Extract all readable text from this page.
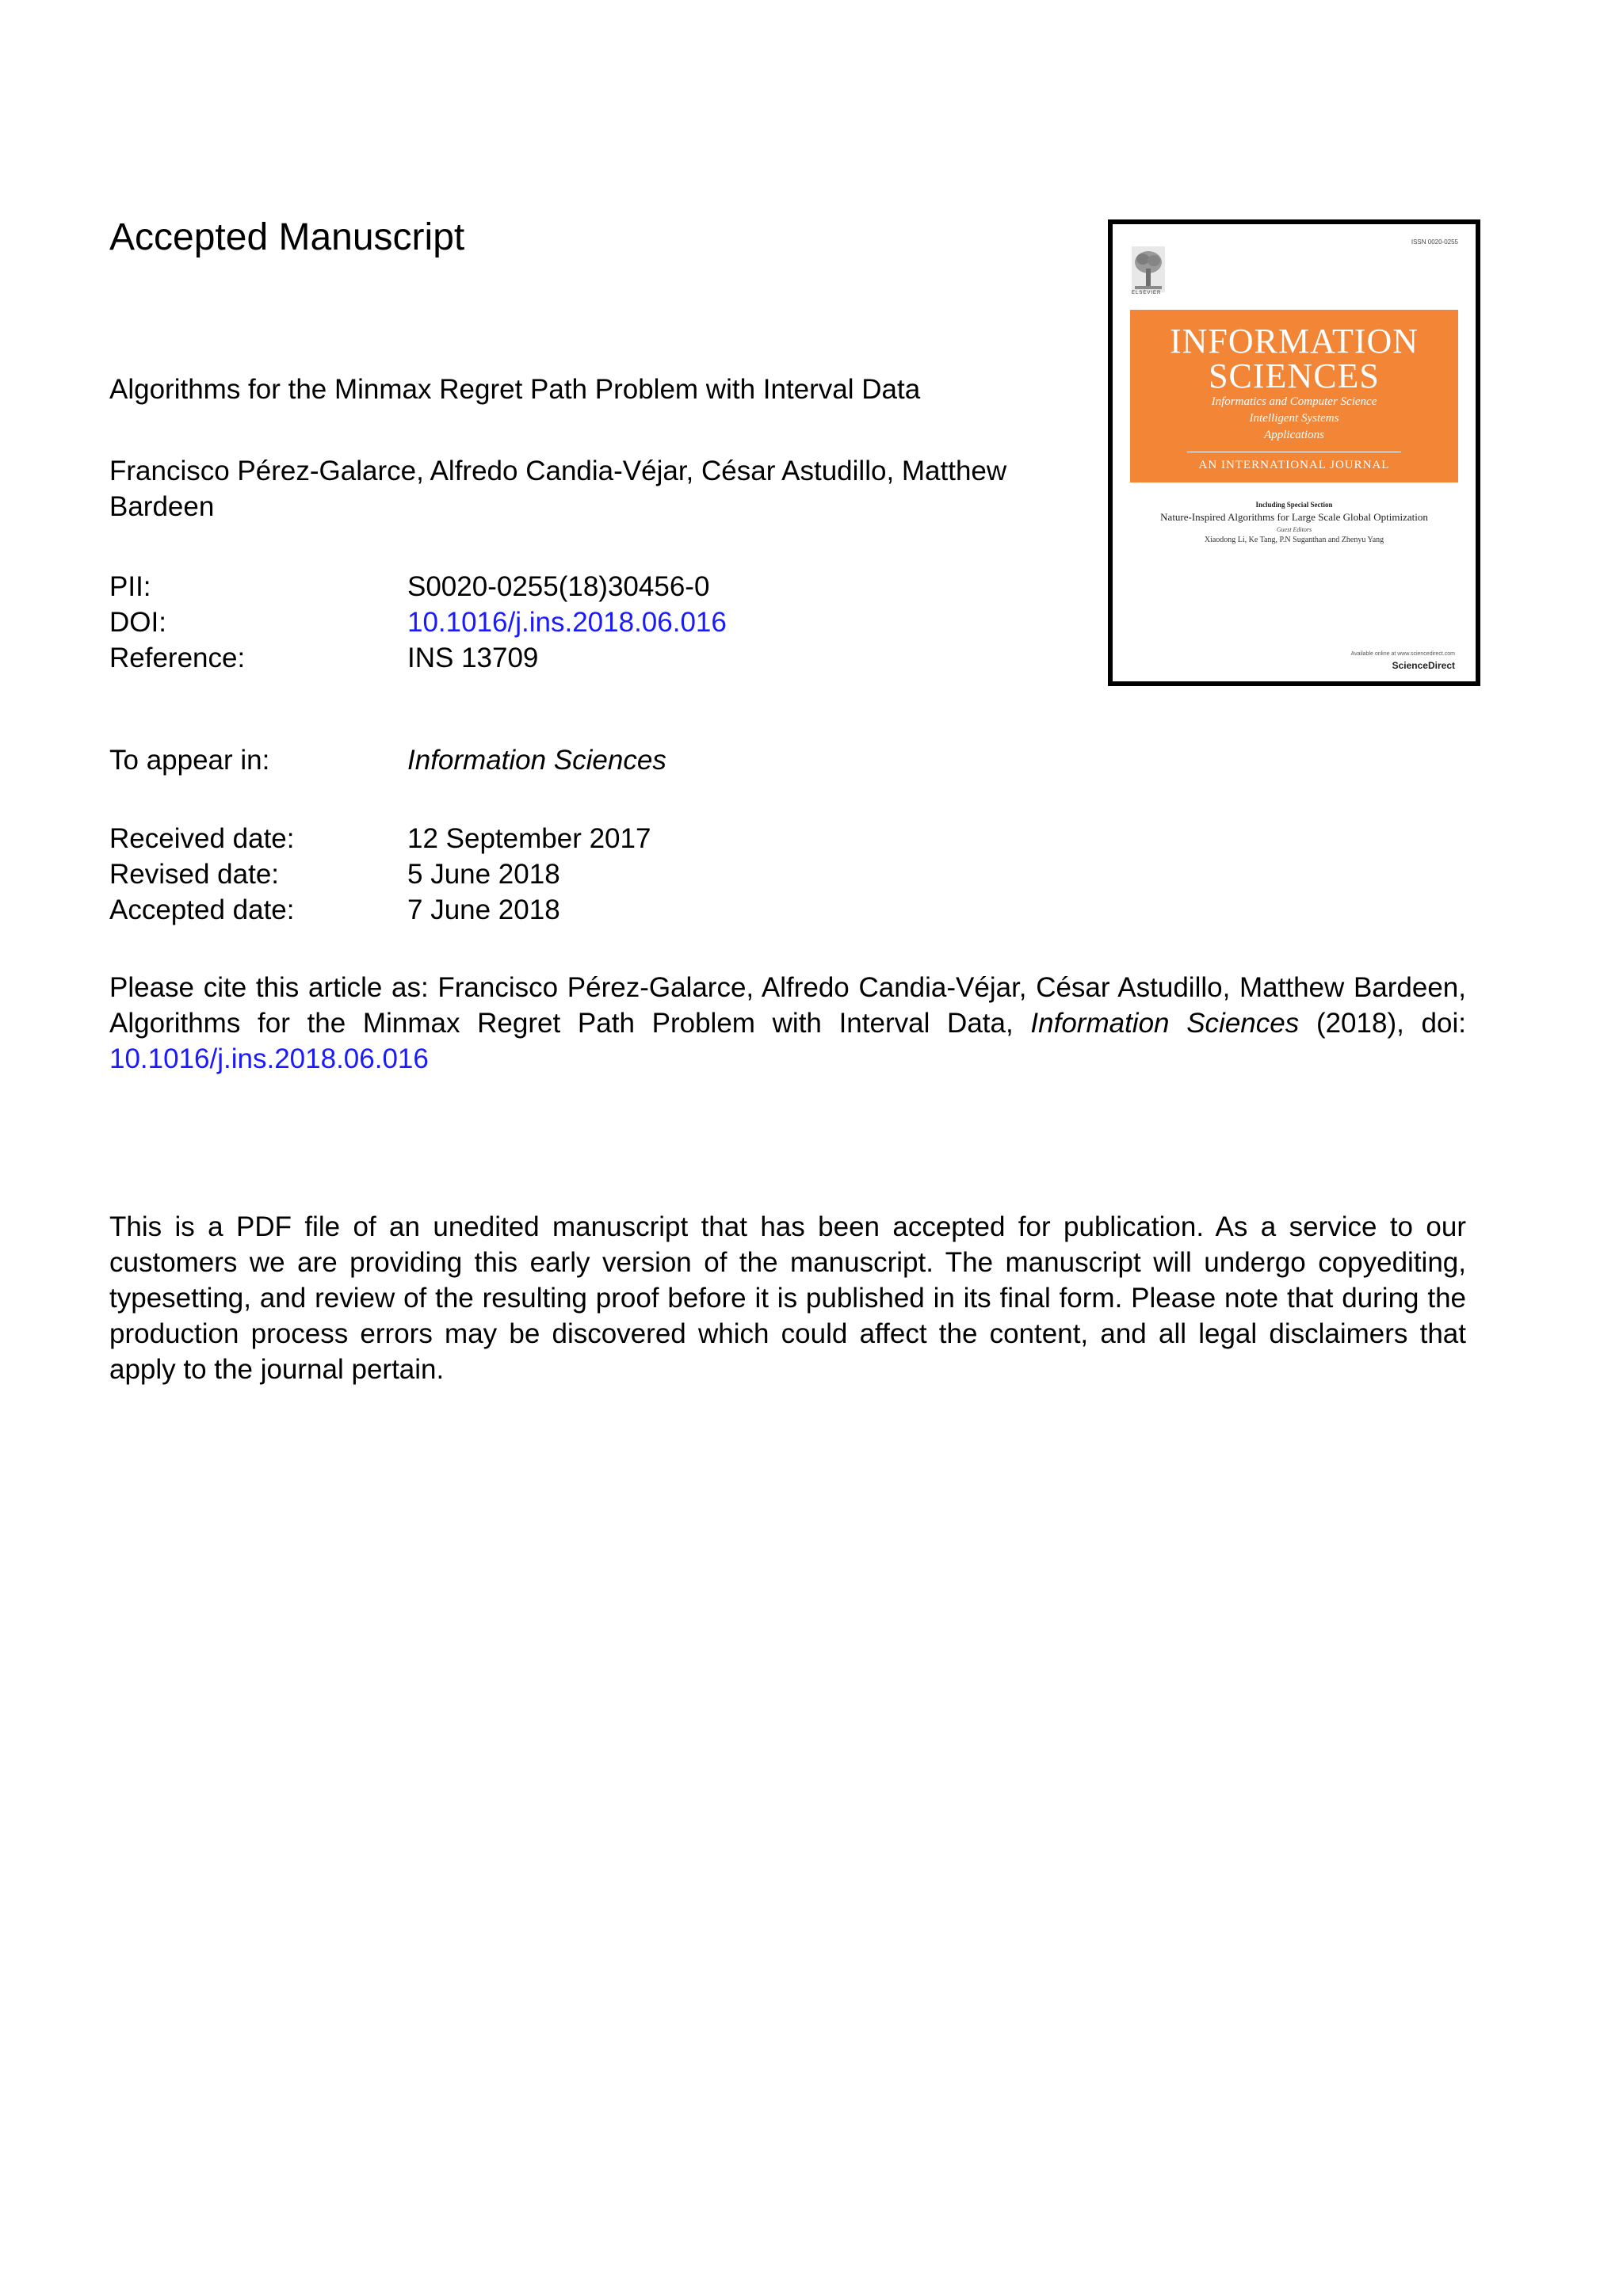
Accepted Manuscript
Algorithms for the Minmax Regret Path Problem with Interval Data
Francisco Pérez-Galarce, Alfredo Candia-Véjar, César Astudillo, Matthew Bardeen
PII:	S0020-0255(18)30456-0
DOI:	10.1016/j.ins.2018.06.016
Reference:	INS 13709
To appear in:	Information Sciences
Received date:	12 September 2017
Revised date:	5 June 2018
Accepted date:	7 June 2018
Please cite this article as: Francisco Pérez-Galarce, Alfredo Candia-Véjar, César Astudillo, Matthew Bardeen, Algorithms for the Minmax Regret Path Problem with Interval Data, Information Sciences (2018), doi: 10.1016/j.ins.2018.06.016
This is a PDF file of an unedited manuscript that has been accepted for publication. As a service to our customers we are providing this early version of the manuscript. The manuscript will undergo copyediting, typesetting, and review of the resulting proof before it is published in its final form. Please note that during the production process errors may be discovered which could affect the content, and all legal disclaimers that apply to the journal pertain.
ISSN 0020-0255
ELSEVIER
INFORMATION
SCIENCES
Informatics and Computer Science
Intelligent Systems
Applications
AN INTERNATIONAL JOURNAL
Including Special Section
Nature-Inspired Algorithms for Large Scale Global Optimization
Guest Editors
Xiaodong Li, Ke Tang, P.N Suganthan and Zhenyu Yang
Available online at www.sciencedirect.com
ScienceDirect
